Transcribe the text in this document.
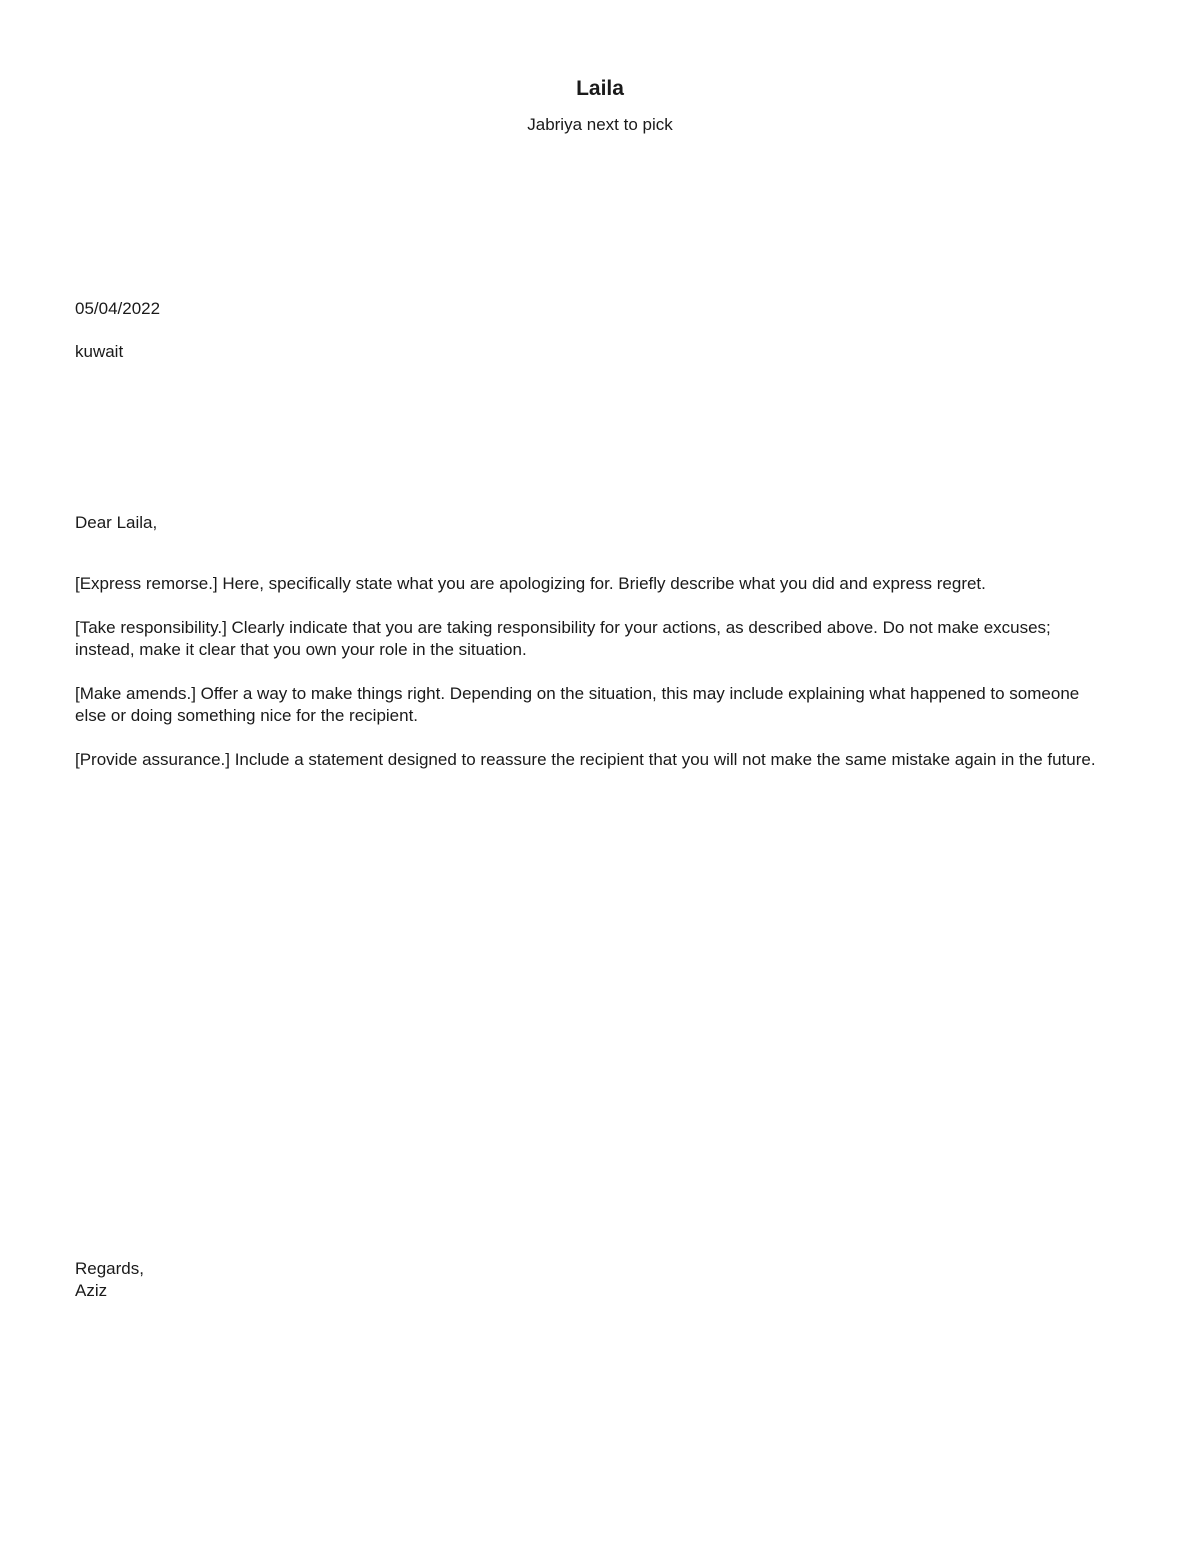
Laila
Jabriya next to pick
05/04/2022
kuwait
Dear Laila,

[Express remorse.] Here, specifically state what you are apologizing for. Briefly describe what you did and express regret.

[Take responsibility.] Clearly indicate that you are taking responsibility for your actions, as described above. Do not make excuses; instead, make it clear that you own your role in the situation.

[Make amends.] Offer a way to make things right. Depending on the situation, this may include explaining what happened to someone else or doing something nice for the recipient.

[Provide assurance.] Include a statement designed to reassure the recipient that you will not make the same mistake again in the future.

Regards,
Aziz
